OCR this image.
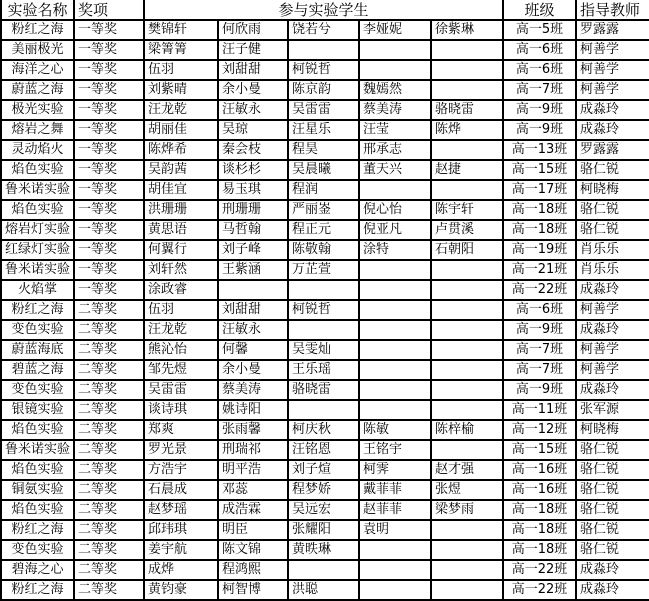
实验名称	奖项	参与实验学生					班级	指导教师
粉红之海	一等奖	樊锦轩	何欣雨	饶若兮	李娅妮	徐紫琳	高一5班	罗露露
美丽极光	一等奖	梁箐箐	汪子健				高一6班	柯善学
海洋之心	一等奖	伍羽	刘甜甜	柯锐哲			高一6班	柯善学
蔚蓝之海	一等奖	刘紫晴	余小曼	陈京韵	魏嫣然		高一7班	柯善学
极光实验	一等奖	汪龙乾	汪敏永	吴雷雷	蔡美涛	骆晓雷	高一9班	成淼玲
熔岩之舞	一等奖	胡丽佳	吴琼	汪星乐	汪莹	陈烨	高一9班	成淼玲
灵动焰火	一等奖	陈烨希	秦会枝	程昊	邢承志		高一13班	罗露露
焰色实验	一等奖	吴韵茜	谈杉杉	吴晨曦	董天兴	赵捷	高一15班	骆仁锐
鲁米诺实验	一等奖	胡佳宜	易玉琪	程润			高一17班	柯晓梅
焰色实验	一等奖	洪珊珊	刑珊珊	严丽崟	倪心怡	陈宇轩	高一18班	骆仁锐
熔岩灯实验	一等奖	黄思语	马哲翰	程正元	倪亚凡	卢贯溪	高一18班	骆仁锐
红绿灯实验	一等奖	何翼行	刘子峰	陈敬翰	涂特	石朝阳	高一19班	肖乐乐
鲁米诺实验	一等奖	刘轩然	王紫涵	万芷萱			高一21班	肖乐乐
火焰掌	一等奖	涂政睿					高一22班	成淼玲
粉红之海	二等奖	伍羽	刘甜甜	柯锐哲			高一6班	柯善学
变色实验	二等奖	汪龙乾	汪敏永				高一9班	成淼玲
蔚蓝海底	二等奖	熊沁怡	何馨	吴雯灿			高一7班	柯善学
碧蓝之海	二等奖	邹先煜	余小曼	王乐瑶			高一7班	柯善学
变色实验	二等奖	吴雷雷	蔡美涛	骆晓雷			高一9班	成淼玲
银镜实验	二等奖	谈诗琪	姚诗阳				高一11班	张军源
焰色实验	二等奖	郑爽	张雨馨	柯庆秋	陈敏	陈梓榆	高一12班	柯晓梅
鲁米诺实验	二等奖	罗光景	刑瑞祁	汪铭恩	王铭宇		高一15班	骆仁锐
焰色实验	二等奖	方浩宇	明平浩	刘子煊	柯霁	赵才强	高一16班	骆仁锐
铜氨实验	二等奖	石晨成	邓蕊	程梦娇	戴菲菲	张煜	高一16班	骆仁锐
焰色实验	二等奖	赵梦瑶	成浩霖	吴远宏	赵菲菲	梁梦雨	高一18班	骆仁锐
粉红之海	二等奖	邱玮琪	明臣	张耀阳	袁明		高一18班	骆仁锐
变色实验	二等奖	姜宇航	陈文锦	黄昳琳			高一18班	骆仁锐
碧海之心	二等奖	成烨	程鸿熙				高一22班	成淼玲
粉红之海	二等奖	黄钧豪	柯智博	洪聪			高一22班	成淼玲
